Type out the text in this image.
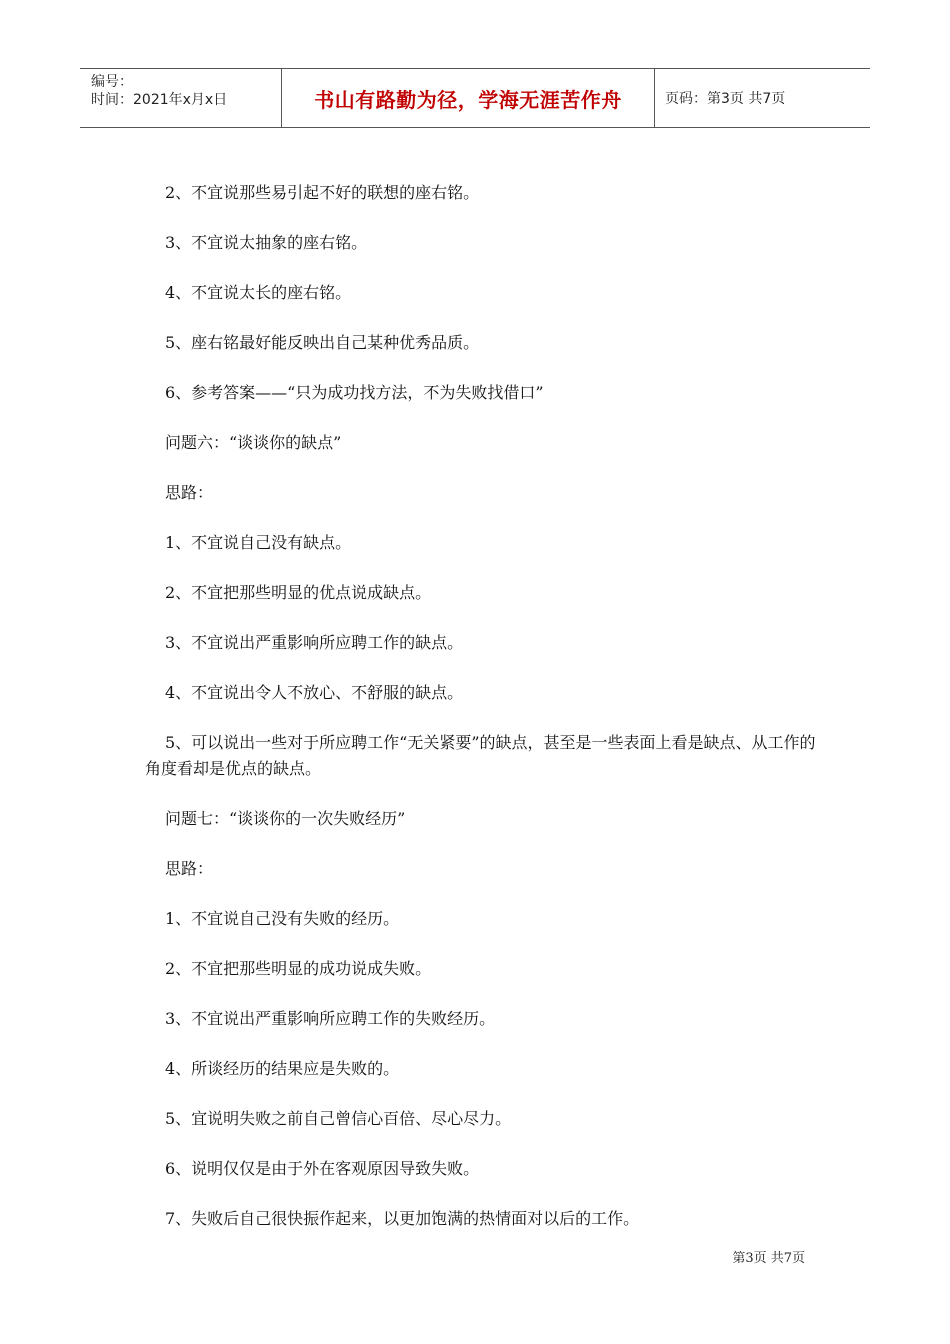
编号：
时间：2021年x月x日	书山有路勤为径，学海无涯苦作舟	页码：第3页 共7页

2、不宜说那些易引起不好的联想的座右铭。

3、不宜说太抽象的座右铭。

4、不宜说太长的座右铭。

5、座右铭最好能反映出自己某种优秀品质。

6、参考答案——“只为成功找方法，不为失败找借口”

问题六：“谈谈你的缺点”

思路：

1、不宜说自己没有缺点。

2、不宜把那些明显的优点说成缺点。

3、不宜说出严重影响所应聘工作的缺点。

4、不宜说出令人不放心、不舒服的缺点。

5、可以说出一些对于所应聘工作“无关紧要”的缺点，甚至是一些表面上看是缺点、从工作的角度看却是优点的缺点。

问题七：“谈谈你的一次失败经历”

思路：

1、不宜说自己没有失败的经历。

2、不宜把那些明显的成功说成失败。

3、不宜说出严重影响所应聘工作的失败经历。

4、所谈经历的结果应是失败的。

5、宜说明失败之前自己曾信心百倍、尽心尽力。

6、说明仅仅是由于外在客观原因导致失败。

7、失败后自己很快振作起来，以更加饱满的热情面对以后的工作。

第3页 共7页
